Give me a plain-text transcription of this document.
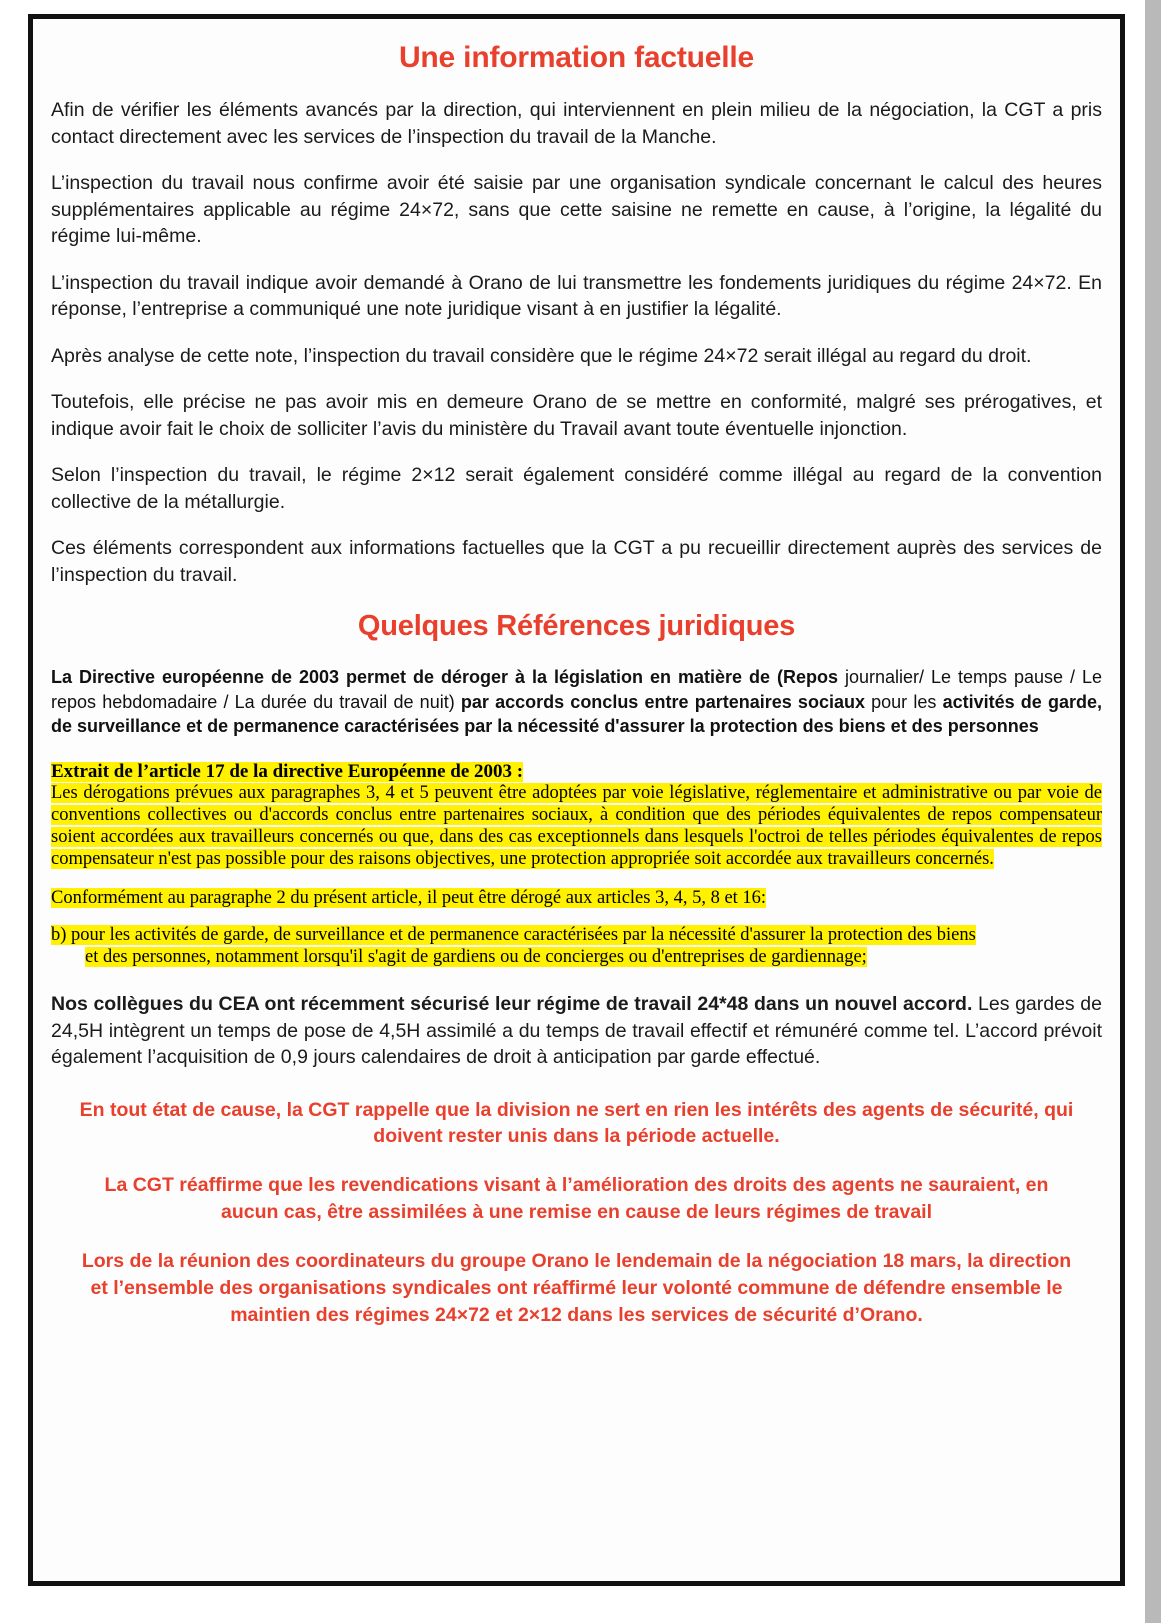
Une information factuelle

Afin de vérifier les éléments avancés par la direction, qui interviennent en plein milieu de la négociation, la CGT a pris contact directement avec les services de l’inspection du travail de la Manche.

L’inspection du travail nous confirme avoir été saisie par une organisation syndicale concernant le calcul des heures supplémentaires applicable au régime 24×72, sans que cette saisine ne remette en cause, à l’origine, la légalité du régime lui-même.

L’inspection du travail indique avoir demandé à Orano de lui transmettre les fondements juridiques du régime 24×72. En réponse, l’entreprise a communiqué une note juridique visant à en justifier la légalité.

Après analyse de cette note, l’inspection du travail considère que le régime 24×72 serait illégal au regard du droit.

Toutefois, elle précise ne pas avoir mis en demeure Orano de se mettre en conformité, malgré ses prérogatives, et indique avoir fait le choix de solliciter l’avis du ministère du Travail avant toute éventuelle injonction.

Selon l’inspection du travail, le régime 2×12 serait également considéré comme illégal au regard de la convention collective de la métallurgie.

Ces éléments correspondent aux informations factuelles que la CGT a pu recueillir directement auprès des services de l’inspection du travail.

Quelques Références juridiques

La Directive européenne de 2003 permet de déroger à la législation en matière de (Repos journalier/ Le temps pause / Le repos hebdomadaire / La durée du travail de nuit) par accords conclus entre partenaires sociaux pour les activités de garde, de surveillance et de permanence caractérisées par la nécessité d'assurer la protection des biens et des personnes

Extrait de l’article 17 de la directive Européenne de 2003 :
Les dérogations prévues aux paragraphes 3, 4 et 5 peuvent être adoptées par voie législative, réglementaire et administrative ou par voie de conventions collectives ou d'accords conclus entre partenaires sociaux, à condition que des périodes équivalentes de repos compensateur soient accordées aux travailleurs concernés ou que, dans des cas exceptionnels dans lesquels l'octroi de telles périodes équivalentes de repos compensateur n'est pas possible pour des raisons objectives, une protection appropriée soit accordée aux travailleurs concernés.
Conformément au paragraphe 2 du présent article, il peut être dérogé aux articles 3, 4, 5, 8 et 16:
b) pour les activités de garde, de surveillance et de permanence caractérisées par la nécessité d'assurer la protection des biens
et des personnes, notamment lorsqu'il s'agit de gardiens ou de concierges ou d'entreprises de gardiennage;

Nos collègues du CEA ont récemment sécurisé leur régime de travail 24*48 dans un nouvel accord. Les gardes de 24,5H intègrent un temps de pose de 4,5H assimilé a du temps de travail effectif et rémunéré comme tel. L’accord prévoit également l’acquisition de 0,9 jours calendaires de droit à anticipation par garde effectué.

En tout état de cause, la CGT rappelle que la division ne sert en rien les intérêts des agents de sécurité, qui doivent rester unis dans la période actuelle.

La CGT réaffirme que les revendications visant à l’amélioration des droits des agents ne sauraient, en aucun cas, être assimilées à une remise en cause de leurs régimes de travail

Lors de la réunion des coordinateurs du groupe Orano le lendemain de la négociation 18 mars, la direction et l’ensemble des organisations syndicales ont réaffirmé leur volonté commune de défendre ensemble le maintien des régimes 24×72 et 2×12 dans les services de sécurité d’Orano.
